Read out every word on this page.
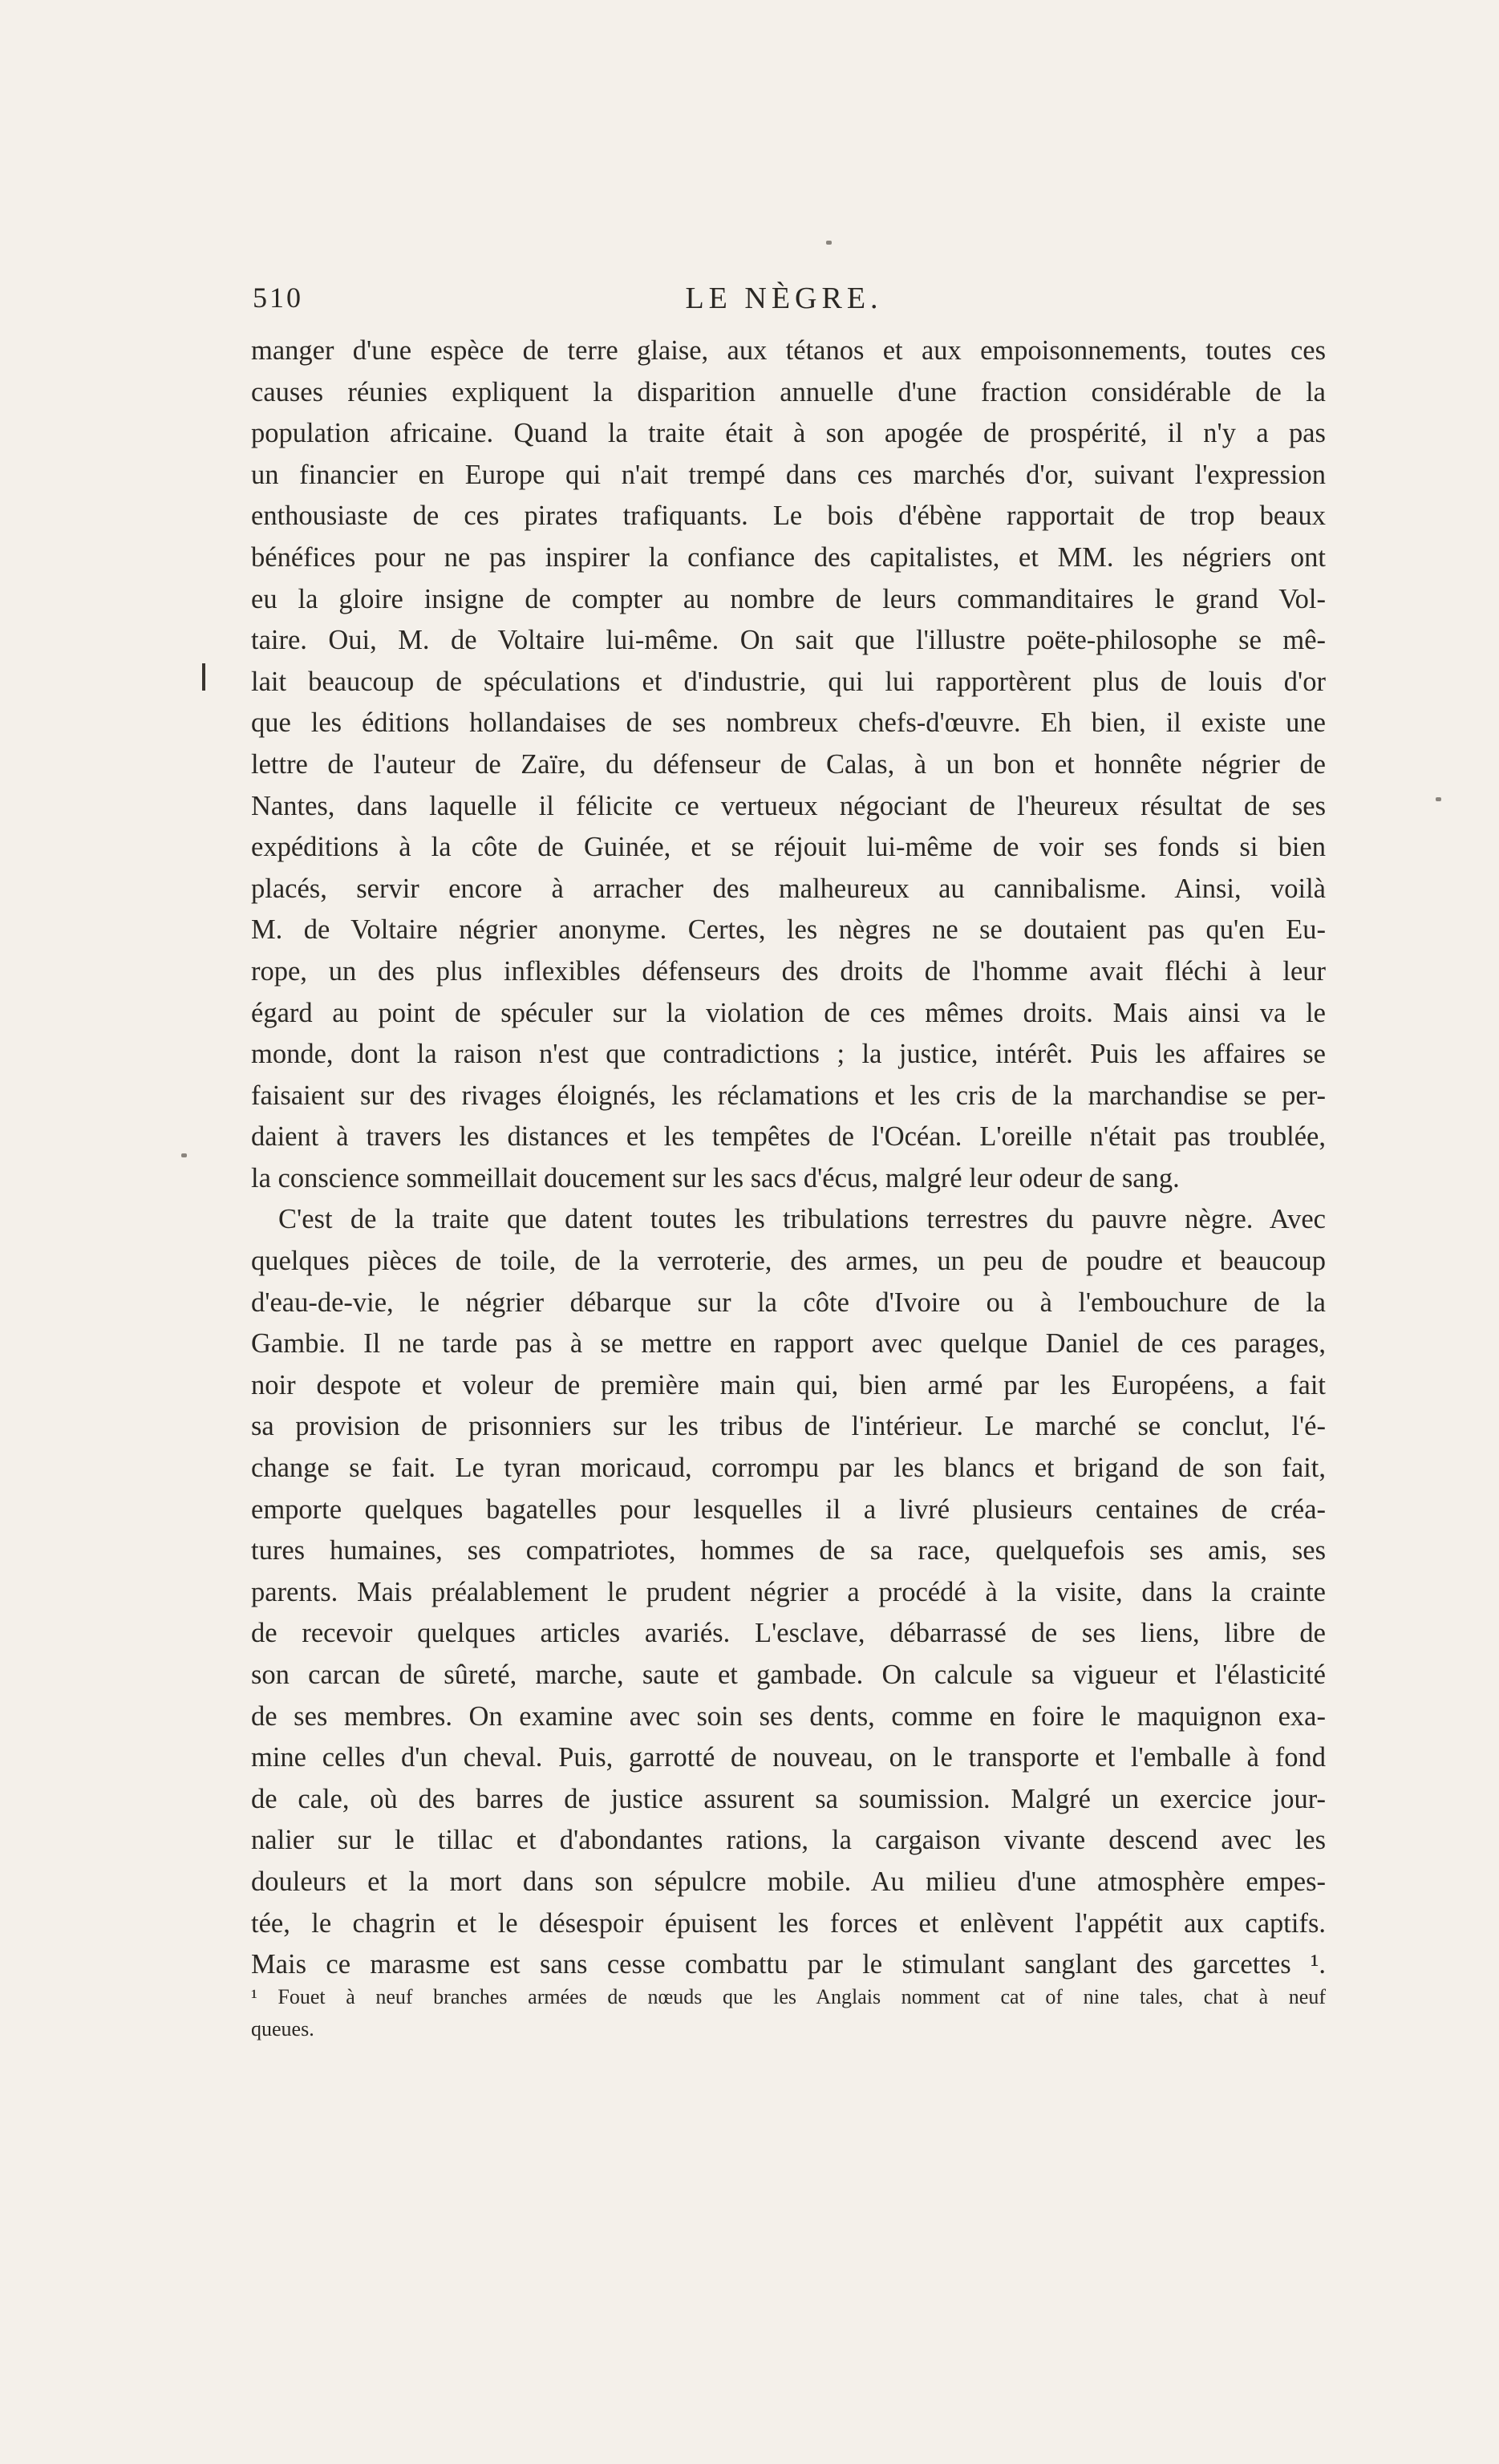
510	LE NÈGRE.
manger d'une espèce de terre glaise, aux tétanos et aux empoisonnements, toutes ces
causes réunies expliquent la disparition annuelle d'une fraction considérable de la
population africaine. Quand la traite était à son apogée de prospérité, il n'y a pas
un financier en Europe qui n'ait trempé dans ces marchés d'or, suivant l'expression
enthousiaste de ces pirates trafiquants. Le bois d'ébène rapportait de trop beaux
bénéfices pour ne pas inspirer la confiance des capitalistes, et MM. les négriers ont
eu la gloire insigne de compter au nombre de leurs commanditaires le grand Vol-
taire. Oui, M. de Voltaire lui-même. On sait que l'illustre poëte-philosophe se mê-
lait beaucoup de spéculations et d'industrie, qui lui rapportèrent plus de louis d'or
que les éditions hollandaises de ses nombreux chefs-d'œuvre. Eh bien, il existe une
lettre de l'auteur de Zaïre, du défenseur de Calas, à un bon et honnête négrier de
Nantes, dans laquelle il félicite ce vertueux négociant de l'heureux résultat de ses
expéditions à la côte de Guinée, et se réjouit lui-même de voir ses fonds si bien
placés, servir encore à arracher des malheureux au cannibalisme. Ainsi, voilà
M. de Voltaire négrier anonyme. Certes, les nègres ne se doutaient pas qu'en Eu-
rope, un des plus inflexibles défenseurs des droits de l'homme avait fléchi à leur
égard au point de spéculer sur la violation de ces mêmes droits. Mais ainsi va le
monde, dont la raison n'est que contradictions ; la justice, intérêt. Puis les affaires se
faisaient sur des rivages éloignés, les réclamations et les cris de la marchandise se per-
daient à travers les distances et les tempêtes de l'Océan. L'oreille n'était pas troublée,
la conscience sommeillait doucement sur les sacs d'écus, malgré leur odeur de sang.
C'est de la traite que datent toutes les tribulations terrestres du pauvre nègre. Avec
quelques pièces de toile, de la verroterie, des armes, un peu de poudre et beaucoup
d'eau-de-vie, le négrier débarque sur la côte d'Ivoire ou à l'embouchure de la
Gambie. Il ne tarde pas à se mettre en rapport avec quelque Daniel de ces parages,
noir despote et voleur de première main qui, bien armé par les Européens, a fait
sa provision de prisonniers sur les tribus de l'intérieur. Le marché se conclut, l'é-
change se fait. Le tyran moricaud, corrompu par les blancs et brigand de son fait,
emporte quelques bagatelles pour lesquelles il a livré plusieurs centaines de créa-
tures humaines, ses compatriotes, hommes de sa race, quelquefois ses amis, ses
parents. Mais préalablement le prudent négrier a procédé à la visite, dans la crainte
de recevoir quelques articles avariés. L'esclave, débarrassé de ses liens, libre de
son carcan de sûreté, marche, saute et gambade. On calcule sa vigueur et l'élasticité
de ses membres. On examine avec soin ses dents, comme en foire le maquignon exa-
mine celles d'un cheval. Puis, garrotté de nouveau, on le transporte et l'emballe à fond
de cale, où des barres de justice assurent sa soumission. Malgré un exercice jour-
nalier sur le tillac et d'abondantes rations, la cargaison vivante descend avec les
douleurs et la mort dans son sépulcre mobile. Au milieu d'une atmosphère empes-
tée, le chagrin et le désespoir épuisent les forces et enlèvent l'appétit aux captifs.
Mais ce marasme est sans cesse combattu par le stimulant sanglant des garcettes ¹.
¹ Fouet à neuf branches armées de nœuds que les Anglais nomment cat of nine tales, chat à neuf
queues.
